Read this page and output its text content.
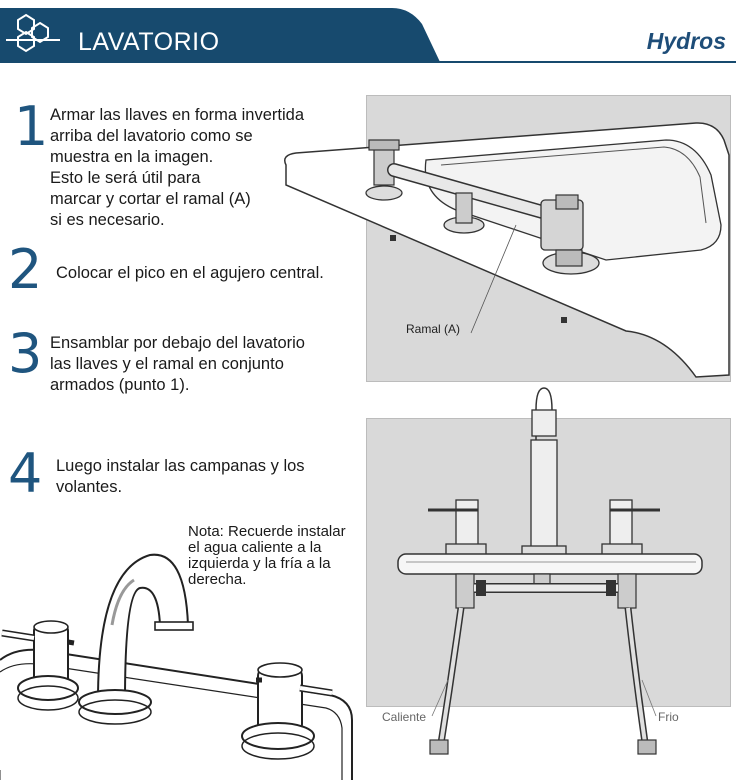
LAVATORIO	Hydros
1 Armar las llaves en forma invertida
arriba del lavatorio como se
muestra en la imagen.
Esto le será útil para
marcar y cortar el ramal (A)
si es necesario.
2 Colocar el pico en el agujero central.
3 Ensamblar por debajo del lavatorio
las llaves y el ramal en conjunto
armados (punto 1).
4 Luego instalar las campanas y los
volantes.
Nota: Recuerde instalar
el agua caliente a la
izquierda y la fría a la
derecha.
Ramal (A)
Caliente	Frio
